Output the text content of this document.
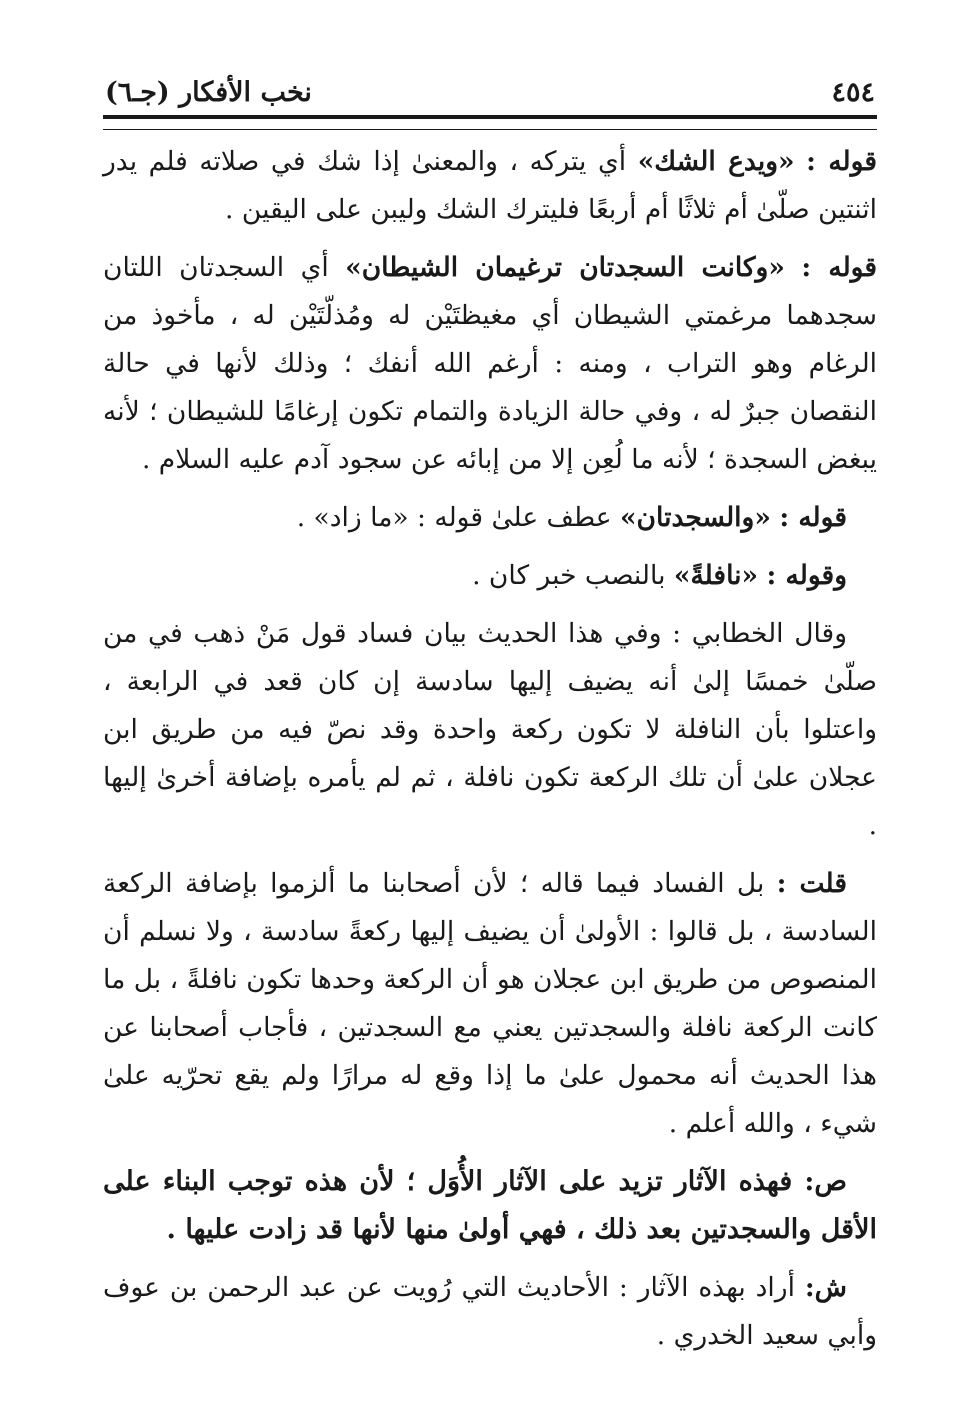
٤٥٤
نخب الأفكار (جـ٦)

قوله : «ويدع الشك» أي يتركه ، والمعنىٰ إذا شك في صلاته فلم يدر اثنتين صلّىٰ أم ثلاثًا أم أربعًا فليترك الشك وليبن على اليقين .

قوله : «وكانت السجدتان ترغيمان الشيطان» أي السجدتان اللتان سجدهما مرغمتي الشيطان أي مغيظتَيْن له ومُذلّتَيْن له ، مأخوذ من الرغام وهو التراب ، ومنه : أرغم الله أنفك ؛ وذلك لأنها في حالة النقصان جبرٌ له ، وفي حالة الزيادة والتمام تكون إرغامًا للشيطان ؛ لأنه يبغض السجدة ؛ لأنه ما لُعِن إلا من إبائه عن سجود آدم عليه السلام .

قوله : «والسجدتان» عطف علىٰ قوله : «ما زاد» .

وقوله : «نافلةً» بالنصب خبر كان .

وقال الخطابي : وفي هذا الحديث بيان فساد قول مَنْ ذهب في من صلّىٰ خمسًا إلىٰ أنه يضيف إليها سادسة إن كان قعد في الرابعة ، واعتلوا بأن النافلة لا تكون ركعة واحدة وقد نصّ فيه من طريق ابن عجلان علىٰ أن تلك الركعة تكون نافلة ، ثم لم يأمره بإضافة أخرىٰ إليها .

قلت : بل الفساد فيما قاله ؛ لأن أصحابنا ما ألزموا بإضافة الركعة السادسة ، بل قالوا : الأولىٰ أن يضيف إليها ركعةً سادسة ، ولا نسلم أن المنصوص من طريق ابن عجلان هو أن الركعة وحدها تكون نافلةً ، بل ما كانت الركعة نافلة والسجدتين يعني مع السجدتين ، فأجاب أصحابنا عن هذا الحديث أنه محمول علىٰ ما إذا وقع له مرارًا ولم يقع تحرّيه علىٰ شيء ، والله أعلم .

ص: فهذه الآثار تزيد على الآثار الأُوَل ؛ لأن هذه توجب البناء على الأقل والسجدتين بعد ذلك ، فهي أولىٰ منها لأنها قد زادت عليها .

ش: أراد بهذه الآثار : الأحاديث التي رُويت عن عبد الرحمن بن عوف وأبي سعيد الخدري .
